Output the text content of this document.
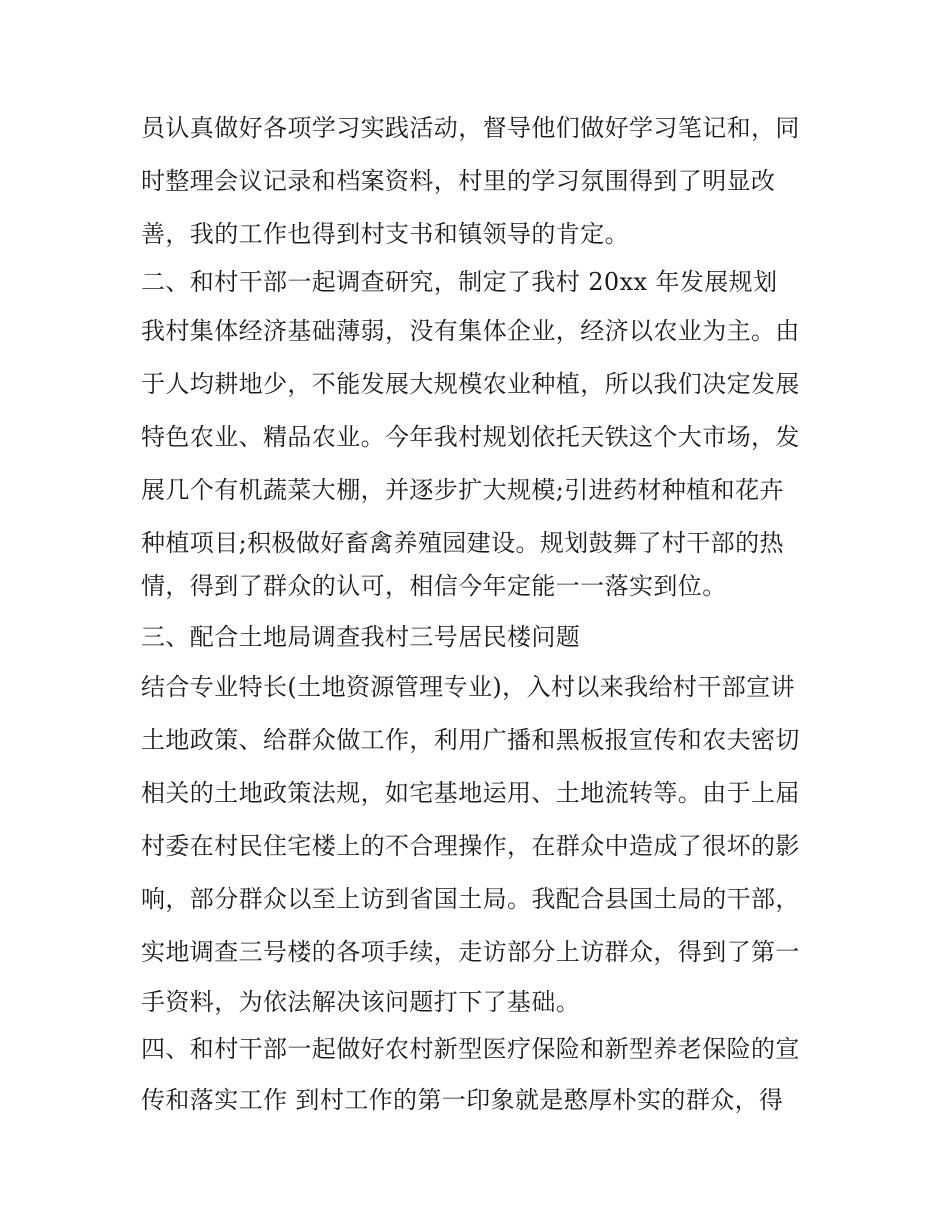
员认真做好各项学习实践活动，督导他们做好学习笔记和，同
时整理会议记录和档案资料，村里的学习氛围得到了明显改
善，我的工作也得到村支书和镇领导的肯定。
二、和村干部一起调查研究，制定了我村 20xx 年发展规划
我村集体经济基础薄弱，没有集体企业，经济以农业为主。由
于人均耕地少，不能发展大规模农业种植，所以我们决定发展
特色农业、精品农业。今年我村规划依托天铁这个大市场，发
展几个有机蔬菜大棚，并逐步扩大规模;引进药材种植和花卉
种植项目;积极做好畜禽养殖园建设。规划鼓舞了村干部的热
情，得到了群众的认可，相信今年定能一一落实到位。
三、配合土地局调查我村三号居民楼问题
结合专业特长(土地资源管理专业)，入村以来我给村干部宣讲
土地政策、给群众做工作，利用广播和黑板报宣传和农夫密切
相关的土地政策法规，如宅基地运用、土地流转等。由于上届
村委在村民住宅楼上的不合理操作，在群众中造成了很坏的影
响，部分群众以至上访到省国土局。我配合县国土局的干部，
实地调查三号楼的各项手续，走访部分上访群众，得到了第一
手资料，为依法解决该问题打下了基础。
四、和村干部一起做好农村新型医疗保险和新型养老保险的宣
传和落实工作 到村工作的第一印象就是憨厚朴实的群众，得
